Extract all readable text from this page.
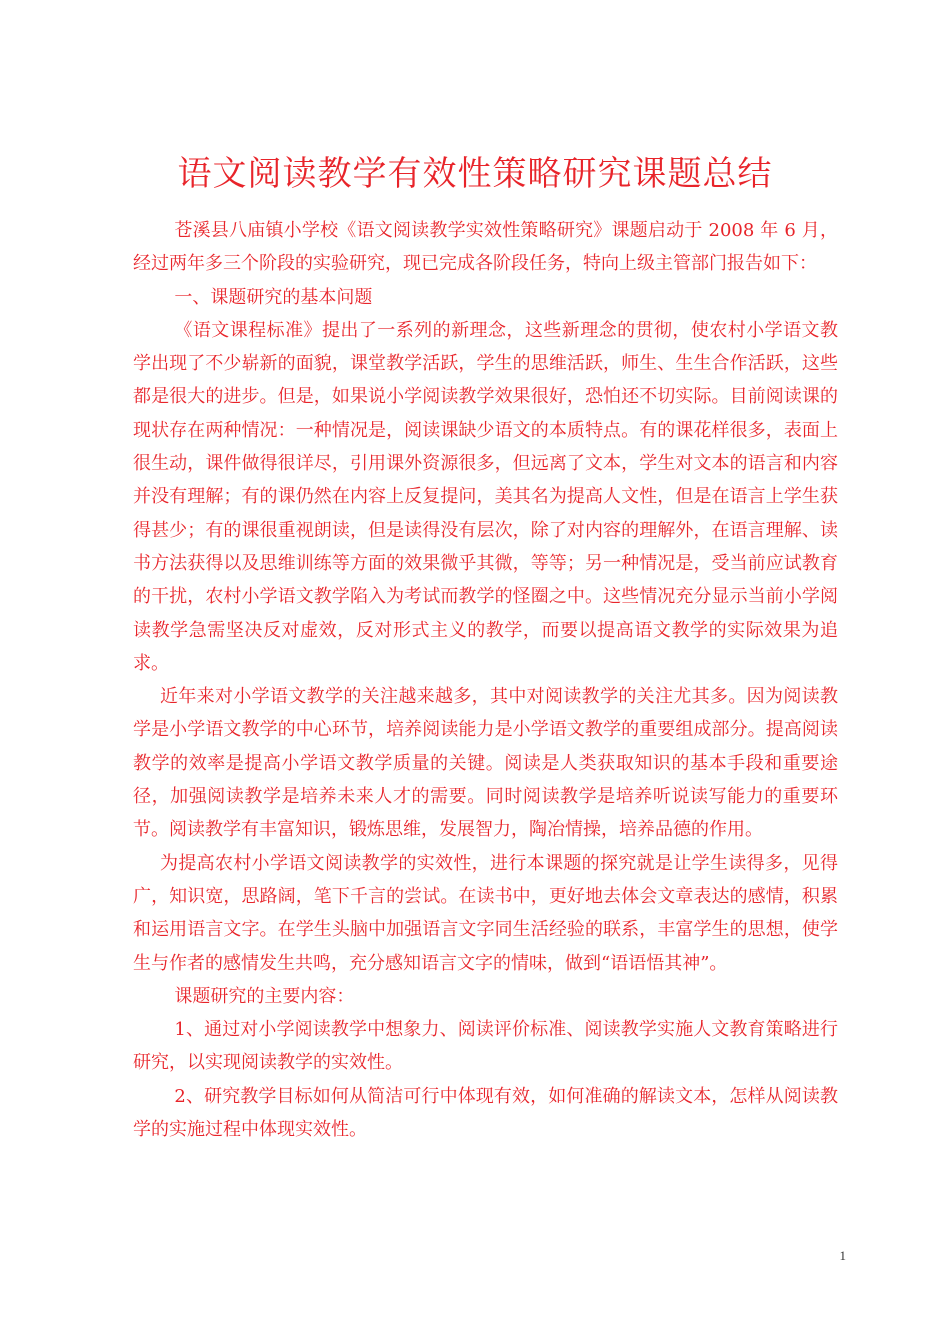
语文阅读教学有效性策略研究课题总结

苍溪县八庙镇小学校《语文阅读教学实效性策略研究》课题启动于 2008 年 6 月，经过两年多三个阶段的实验研究，现已完成各阶段任务，特向上级主管部门报告如下：

一、课题研究的基本问题

《语文课程标准》提出了一系列的新理念，这些新理念的贯彻，使农村小学语文教学出现了不少崭新的面貌，课堂教学活跃，学生的思维活跃，师生、生生合作活跃，这些都是很大的进步。但是，如果说小学阅读教学效果很好，恐怕还不切实际。目前阅读课的现状存在两种情况：一种情况是，阅读课缺少语文的本质特点。有的课花样很多，表面上很生动，课件做得很详尽，引用课外资源很多，但远离了文本，学生对文本的语言和内容并没有理解；有的课仍然在内容上反复提问，美其名为提高人文性，但是在语言上学生获得甚少；有的课很重视朗读，但是读得没有层次，除了对内容的理解外，在语言理解、读书方法获得以及思维训练等方面的效果微乎其微，等等；另一种情况是，受当前应试教育的干扰，农村小学语文教学陷入为考试而教学的怪圈之中。这些情况充分显示当前小学阅读教学急需坚决反对虚效，反对形式主义的教学，而要以提高语文教学的实际效果为追求。

近年来对小学语文教学的关注越来越多，其中对阅读教学的关注尤其多。因为阅读教学是小学语文教学的中心环节，培养阅读能力是小学语文教学的重要组成部分。提高阅读教学的效率是提高小学语文教学质量的关键。阅读是人类获取知识的基本手段和重要途径，加强阅读教学是培养未来人才的需要。同时阅读教学是培养听说读写能力的重要环节。阅读教学有丰富知识，锻炼思维，发展智力，陶冶情操，培养品德的作用。

为提高农村小学语文阅读教学的实效性，进行本课题的探究就是让学生读得多，见得广，知识宽，思路阔，笔下千言的尝试。在读书中，更好地去体会文章表达的感情，积累和运用语言文字。在学生头脑中加强语言文字同生活经验的联系，丰富学生的思想，使学生与作者的感情发生共鸣，充分感知语言文字的情味，做到“语语悟其神”。

课题研究的主要内容：

1、通过对小学阅读教学中想象力、阅读评价标准、阅读教学实施人文教育策略进行研究，以实现阅读教学的实效性。

2、研究教学目标如何从简洁可行中体现有效，如何准确的解读文本，怎样从阅读教学的实施过程中体现实效性。

1
